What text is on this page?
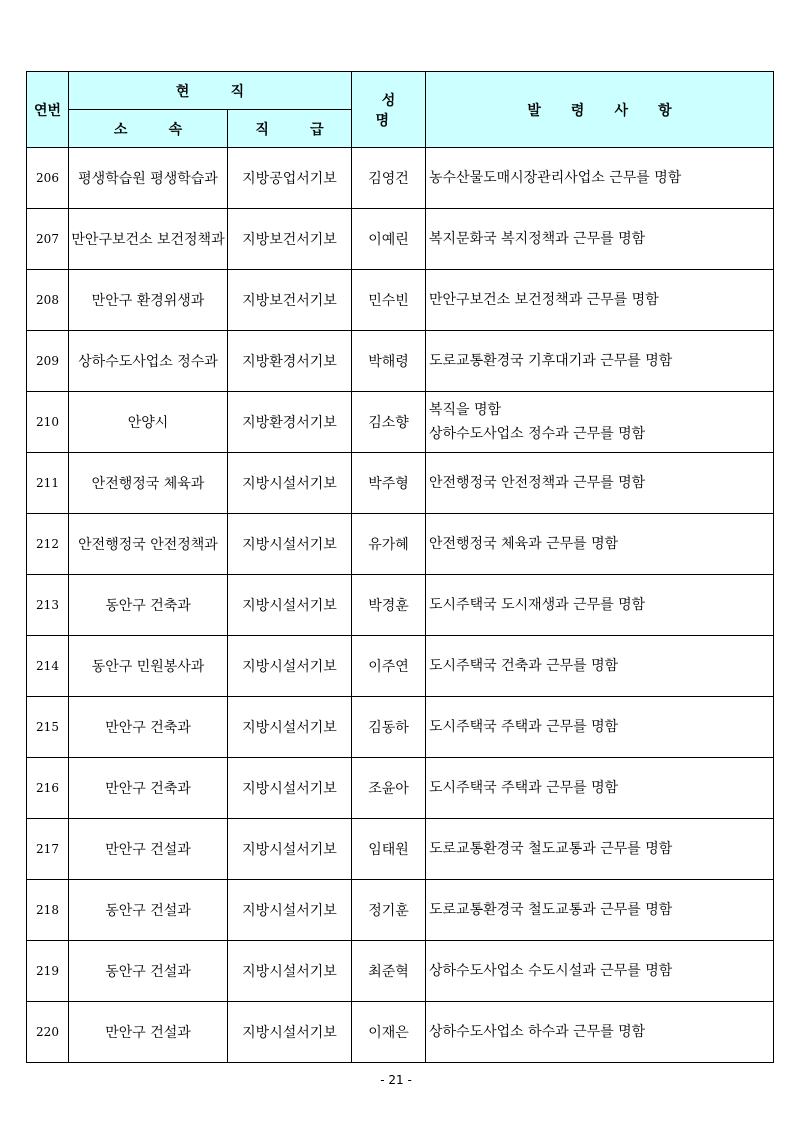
연번	현 직		성 명	발 령 사 항
	소 속	직 급		
206	평생학습원 평생학습과	지방공업서기보	김영건	농수산물도매시장관리사업소 근무를 명함

207	만안구보건소 보건정책과	지방보건서기보	이예린	복지문화국 복지정책과 근무를 명함

208	만안구 환경위생과	지방보건서기보	민수빈	만안구보건소 보건정책과 근무를 명함

209	상하수도사업소 정수과	지방환경서기보	박해령	도로교통환경국 기후대기과 근무를 명함

210	안양시	지방환경서기보	김소향	복직을 명함
상하수도사업소 정수과 근무를 명함

211	안전행정국 체육과	지방시설서기보	박주형	안전행정국 안전정책과 근무를 명함

212	안전행정국 안전정책과	지방시설서기보	유가혜	안전행정국 체육과 근무를 명함

213	동안구 건축과	지방시설서기보	박경훈	도시주택국 도시재생과 근무를 명함

214	동안구 민원봉사과	지방시설서기보	이주연	도시주택국 건축과 근무를 명함

215	만안구 건축과	지방시설서기보	김동하	도시주택국 주택과 근무를 명함

216	만안구 건축과	지방시설서기보	조윤아	도시주택국 주택과 근무를 명함

217	만안구 건설과	지방시설서기보	임태원	도로교통환경국 철도교통과 근무를 명함

218	동안구 건설과	지방시설서기보	정기훈	도로교통환경국 철도교통과 근무를 명함

219	동안구 건설과	지방시설서기보	최준혁	상하수도사업소 수도시설과 근무를 명함

220	만안구 건설과	지방시설서기보	이재은	상하수도사업소 하수과 근무를 명함
- 21 -
